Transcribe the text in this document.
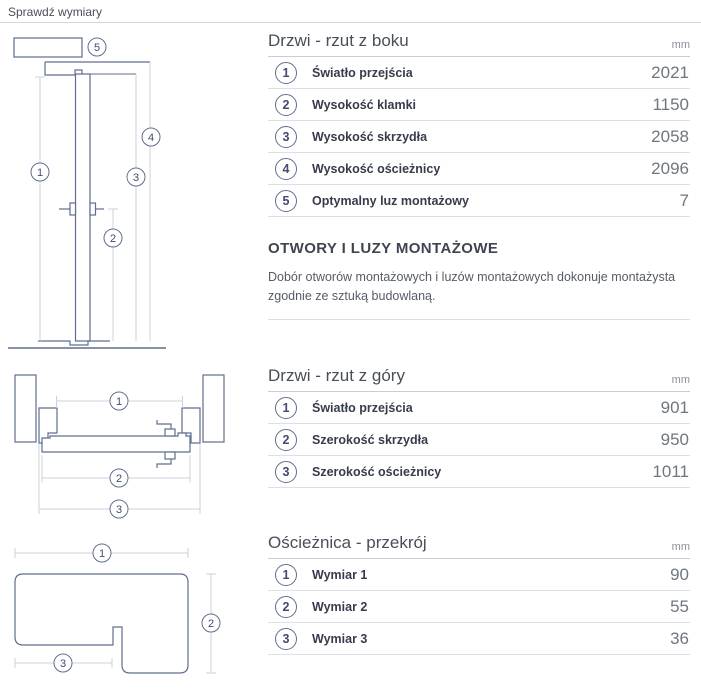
Sprawdź wymiary
1
2
3
4
5
1
2
3
1
2
3
Drzwi - rzut z boku	mm
1	Światło przejścia	2021
2	Wysokość klamki	1150
3	Wysokość skrzydła	2058
4	Wysokość ościeżnicy	2096
5	Optymalny luz montażowy	7
OTWORY I LUZY MONTAŻOWE

Dobór otworów montażowych i luzów montażowych dokonuje montażysta zgodnie ze sztuką budowlaną.

Drzwi - rzut z góry	mm
1	Światło przejścia	901
2	Szerokość skrzydła	950
3	Szerokość ościeżnicy	1011
Ościeżnica - przekrój	mm
1	Wymiar 1	90
2	Wymiar 2	55
3	Wymiar 3	36
